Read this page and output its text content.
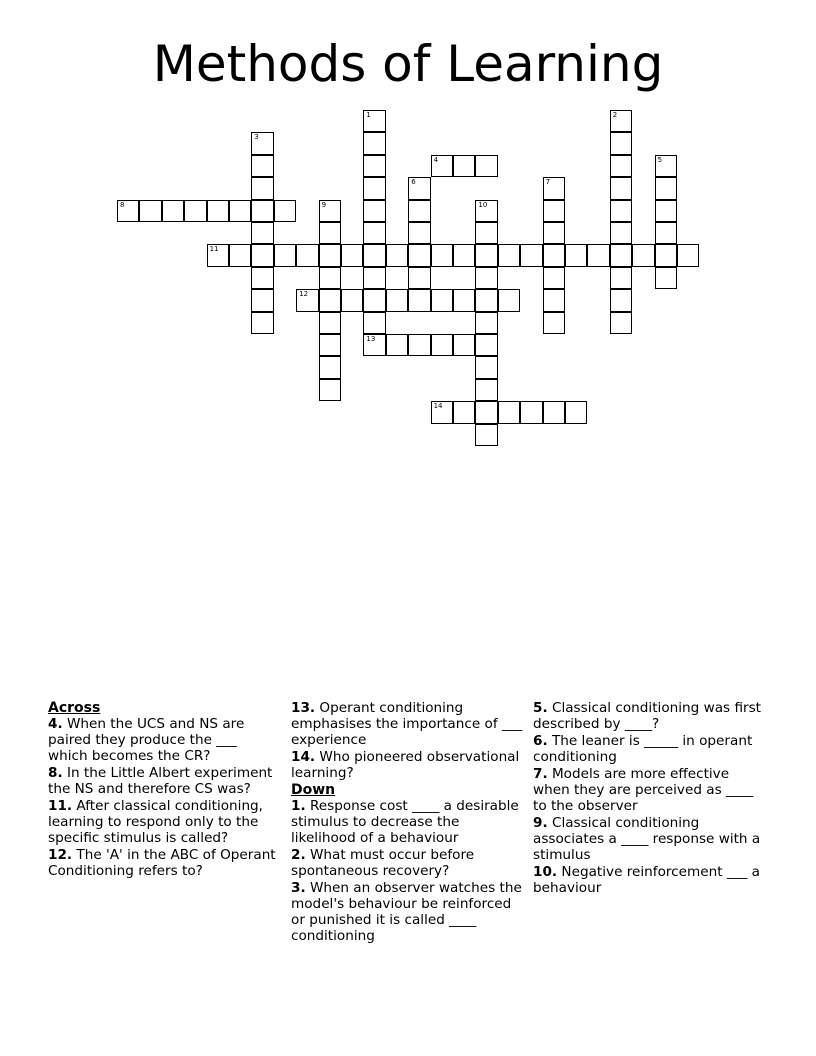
Methods of Learning
1	2
3
4	5
6	7
8	9	10
11
12
13
14
Across
4. When the UCS and NS are paired they produce the ___ which becomes the CR?
8. In the Little Albert experiment the NS and therefore CS was?
11. After classical conditioning, learning to respond only to the specific stimulus is called?
12. The 'A' in the ABC of Operant Conditioning refers to?
13. Operant conditioning emphasises the importance of ___ experience
14. Who pioneered observational learning?
Down
1. Response cost ____ a desirable stimulus to decrease the likelihood of a behaviour
2. What must occur before spontaneous recovery?
3. When an observer watches the model's behaviour be reinforced or punished it is called ____ conditioning
5. Classical conditioning was first described by ____?
6. The leaner is _____ in operant conditioning
7. Models are more effective when they are perceived as ____ to the observer
9. Classical conditioning associates a ____ response with a stimulus
10. Negative reinforcement ___ a behaviour
